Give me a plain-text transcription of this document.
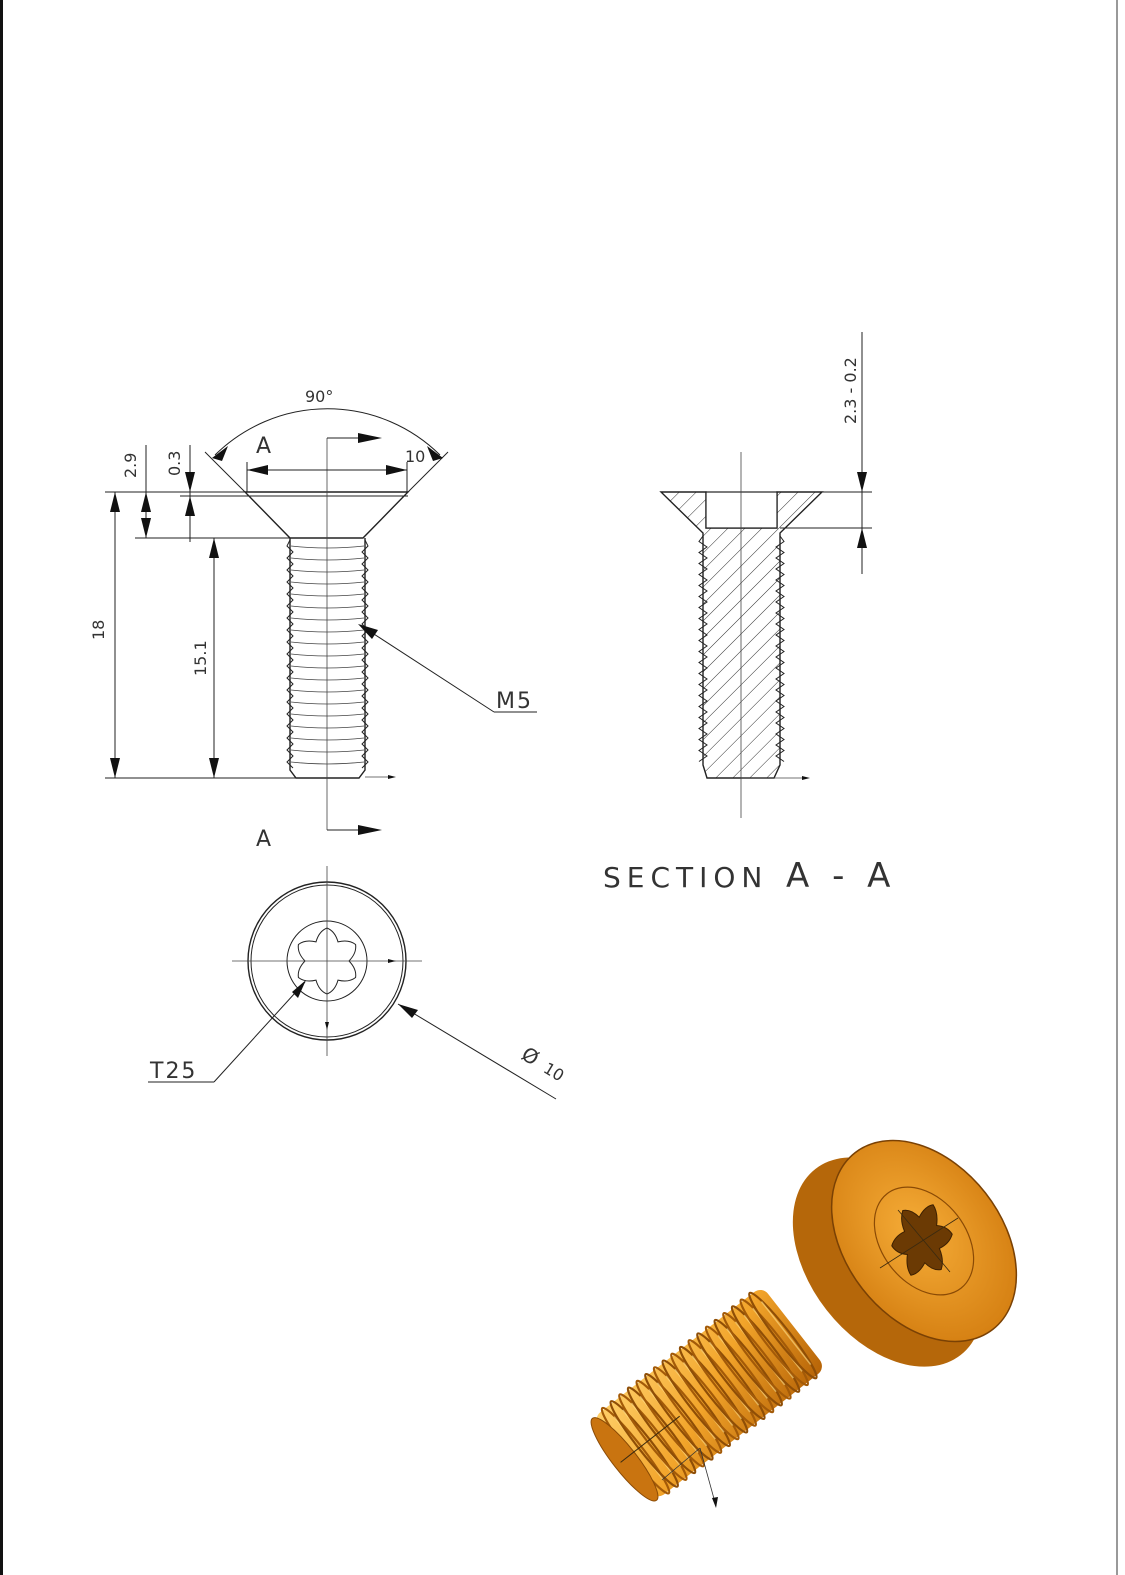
A
A
90°
10
18
15.1
2.9 0.3
M5
2.3 - 0.2
SECTION A - A
T25
Ø
10
